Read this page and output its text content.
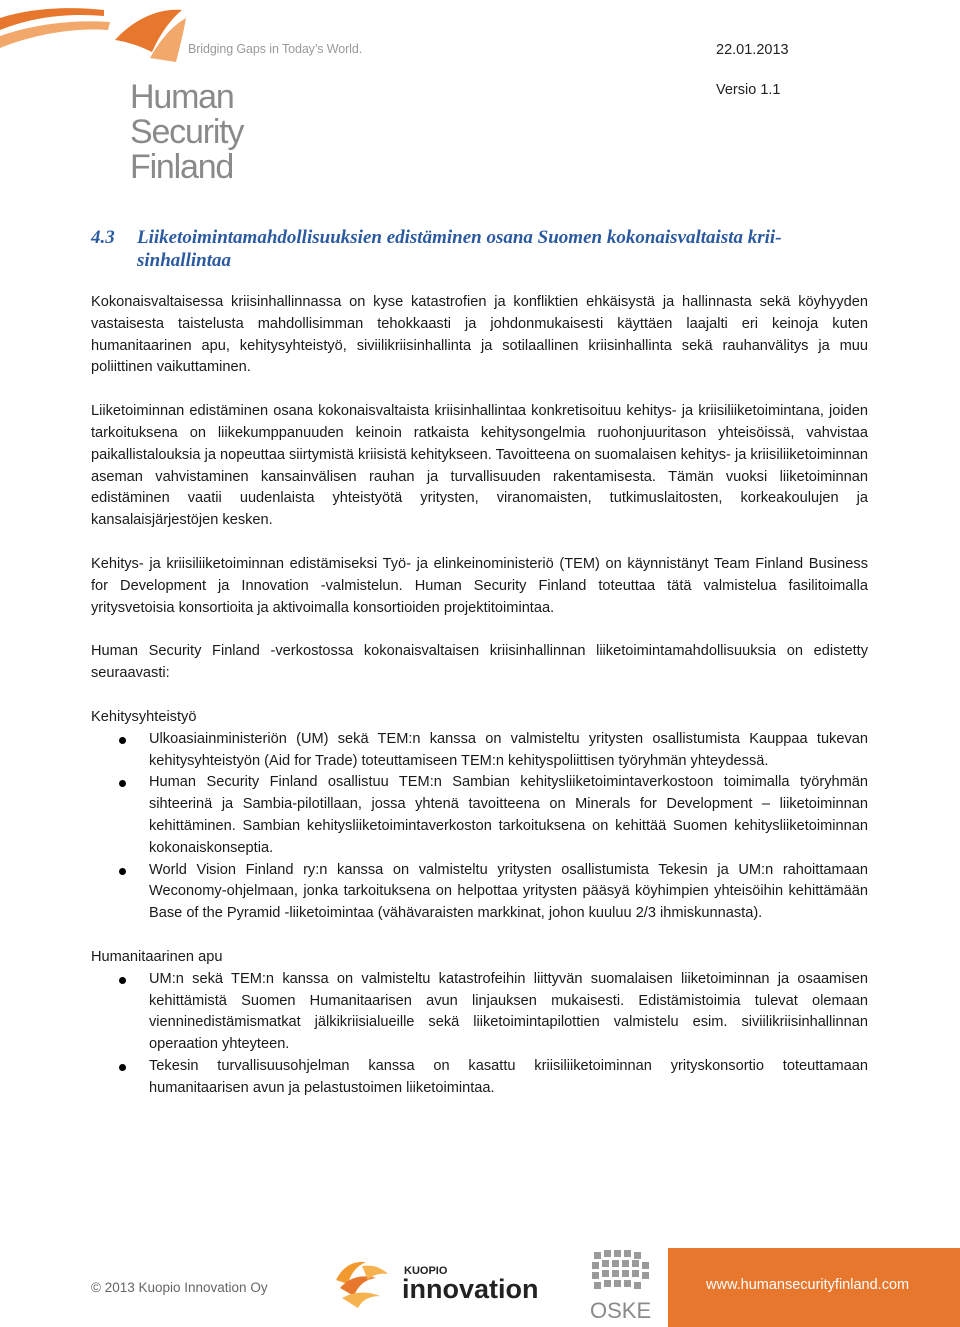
Bridging Gaps in Today’s World.
Human
Security
Finland
22.01.2013
Versio 1.1
4.3 Liiketoimintamahdollisuuksien edistäminen osana Suomen kokonaisvaltaista krii-
sinhallintaa

Kokonaisvaltaisessa kriisinhallinnassa on kyse katastrofien ja konfliktien ehkäisystä ja hallinnasta sekä köyhyyden vastaisesta taistelusta mahdollisimman tehokkaasti ja johdonmukaisesti käyttäen laajalti eri keinoja kuten humanitaarinen apu, kehitysyhteistyö, siviilikriisinhallinta ja sotilaallinen kriisinhallinta sekä rauhanvälitys ja muu poliittinen vaikuttaminen.

Liiketoiminnan edistäminen osana kokonaisvaltaista kriisinhallintaa konkretisoituu kehitys- ja kriisiliiketoimintana, joiden tarkoituksena on liikekumppanuuden keinoin ratkaista kehitysongelmia ruohonjuuritason yhteisöissä, vahvistaa paikallistalouksia ja nopeuttaa siirtymistä kriisistä kehitykseen. Tavoitteena on suomalaisen kehitys- ja kriisiliiketoiminnan aseman vahvistaminen kansainvälisen rauhan ja turvallisuuden rakentamisesta. Tämän vuoksi liiketoiminnan edistäminen vaatii uudenlaista yhteistyötä yritysten, viranomaisten, tutkimuslaitosten, korkeakoulujen ja kansalaisjärjestöjen kesken.

Kehitys- ja kriisiliiketoiminnan edistämiseksi Työ- ja elinkeinoministeriö (TEM) on käynnistänyt Team Finland Business for Development ja Innovation -valmistelun. Human Security Finland toteuttaa tätä valmistelua fasilitoimalla yritysvetoisia konsortioita ja aktivoimalla konsortioiden projektitoimintaa.

Human Security Finland -verkostossa kokonaisvaltaisen kriisinhallinnan liiketoimintamahdollisuuksia on edistetty seuraavasti:

Kehitysyhteistyö

Ulkoasiainministeriön (UM) sekä TEM:n kanssa on valmisteltu yritysten osallistumista Kauppaa tukevan kehitysyhteistyön (Aid for Trade) toteuttamiseen TEM:n kehityspoliittisen työryhmän yhteydessä.
Human Security Finland osallistuu TEM:n Sambian kehitysliiketoimintaverkostoon toimimalla työryhmän sihteerinä ja Sambia-pilotillaan, jossa yhtenä tavoitteena on Minerals for Development – liiketoiminnan kehittäminen. Sambian kehitysliiketoimintaverkoston tarkoituksena on kehittää Suomen kehitysliiketoiminnan kokonaiskonseptia.
World Vision Finland ry:n kanssa on valmisteltu yritysten osallistumista Tekesin ja UM:n rahoittamaan Weconomy-ohjelmaan, jonka tarkoituksena on helpottaa yritysten pääsyä köyhimpien yhteisöihin kehittämään Base of the Pyramid -liiketoimintaa (vähävaraisten markkinat, johon kuuluu 2/3 ihmiskunnasta).

Humanitaarinen apu

UM:n sekä TEM:n kanssa on valmisteltu katastrofeihin liittyvän suomalaisen liiketoiminnan ja osaamisen kehittämistä Suomen Humanitaarisen avun linjauksen mukaisesti. Edistämistoimia tulevat olemaan vienninedistämismatkat jälkikriisialueille sekä liiketoimintapilottien valmistelu esim. siviilikriisinhallinnan operaation yhteyteen.
Tekesin turvallisuusohjelman kanssa on kasattu kriisiliiketoiminnan yrityskonsortio toteuttamaan humanitaarisen avun ja pelastustoimen liiketoimintaa.
© 2013 Kuopio Innovation Oy
KUOPIO
innovation
OSKE
www.humansecurityfinland.com
